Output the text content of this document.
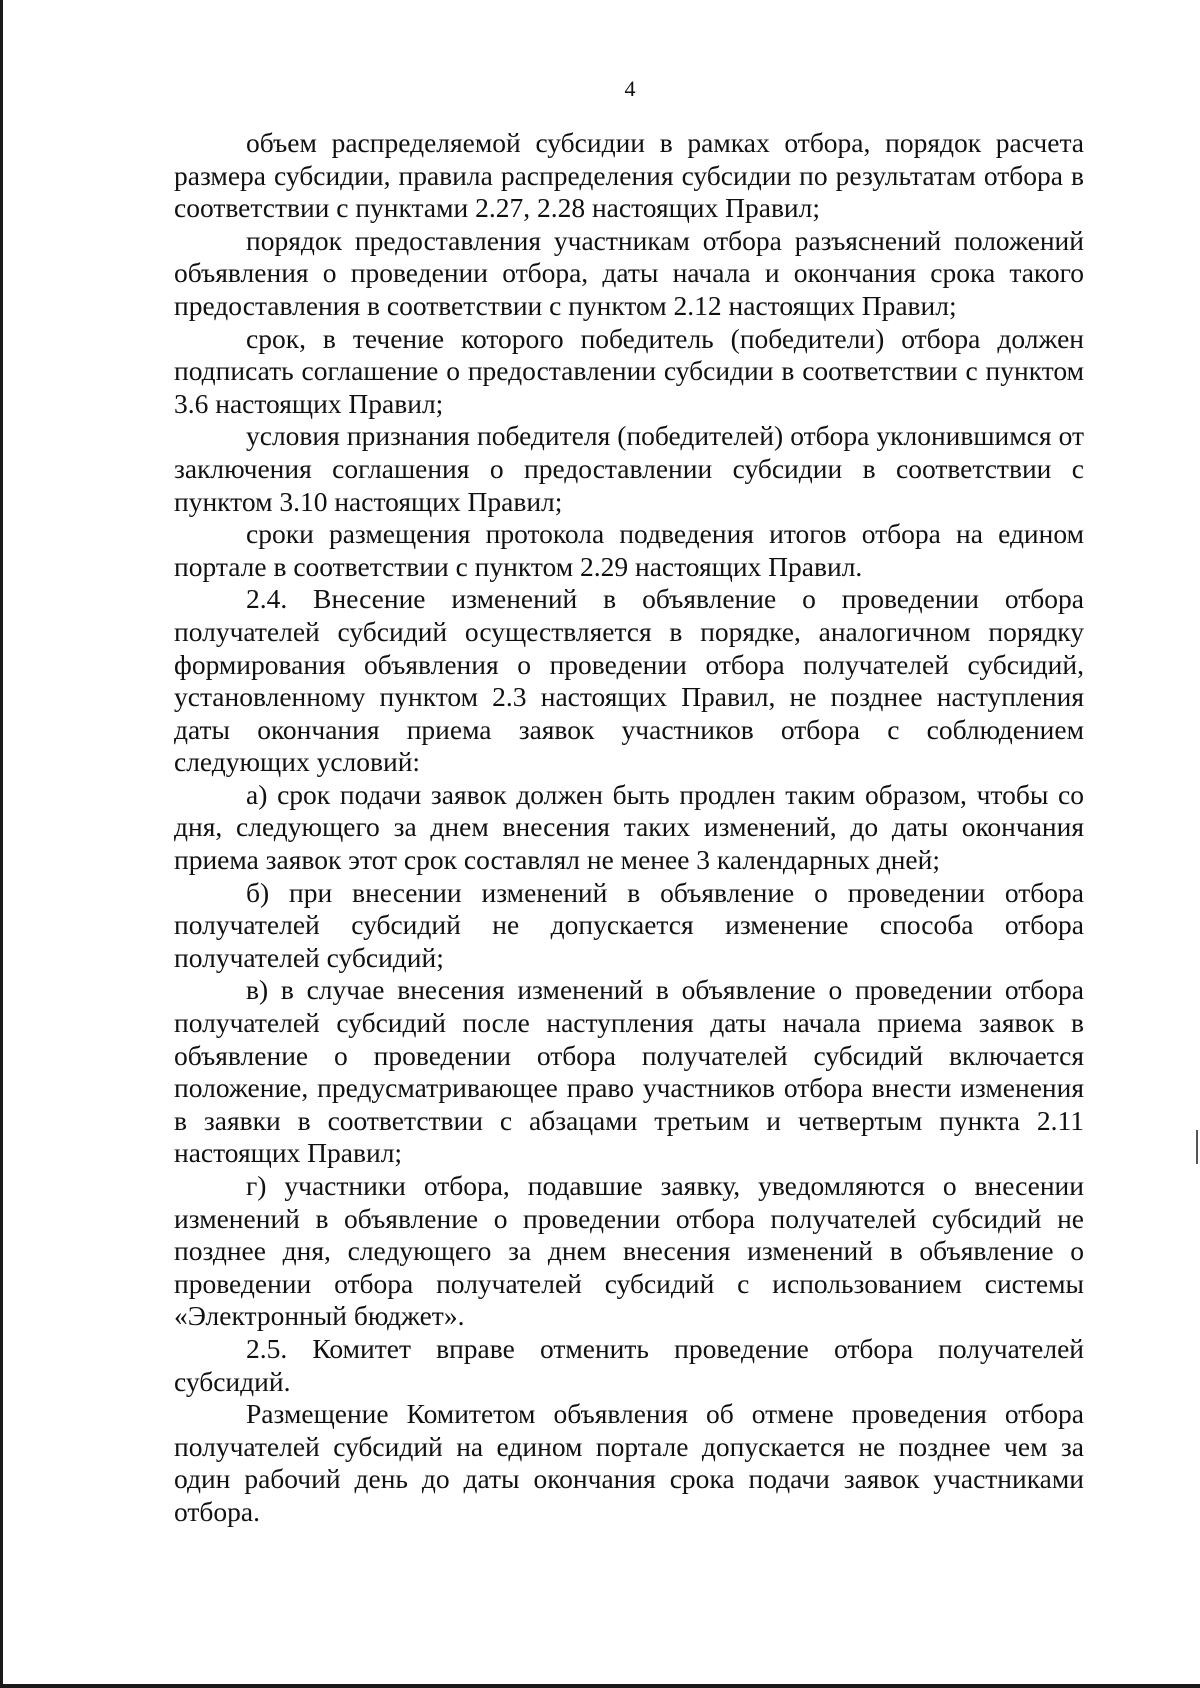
4

объем распределяемой субсидии в рамках отбора, порядок расчета размера субсидии, правила распределения субсидии по результатам отбора в соответствии с пунктами 2.27, 2.28 настоящих Правил;

порядок предоставления участникам отбора разъяснений положений объявления о проведении отбора, даты начала и окончания срока такого предоставления в соответствии с пунктом 2.12 настоящих Правил;

срок, в течение которого победитель (победители) отбора должен подписать соглашение о предоставлении субсидии в соответствии с пунктом 3.6 настоящих Правил;

условия признания победителя (победителей) отбора уклонившимся от заключения соглашения о предоставлении субсидии в соответствии с пунктом 3.10 настоящих Правил;

сроки размещения протокола подведения итогов отбора на едином портале в соответствии с пунктом 2.29 настоящих Правил.

2.4. Внесение изменений в объявление о проведении отбора получателей субсидий осуществляется в порядке, аналогичном порядку формирования объявления о проведении отбора получателей субсидий, установленному пунктом 2.3 настоящих Правил, не позднее наступления даты окончания приема заявок участников отбора с соблюдением следующих условий:

а) срок подачи заявок должен быть продлен таким образом, чтобы со дня, следующего за днем внесения таких изменений, до даты окончания приема заявок этот срок составлял не менее 3 календарных дней;

б) при внесении изменений в объявление о проведении отбора получателей субсидий не допускается изменение способа отбора получателей субсидий;

в) в случае внесения изменений в объявление о проведении отбора получателей субсидий после наступления даты начала приема заявок в объявление о проведении отбора получателей субсидий включается положение, предусматривающее право участников отбора внести изменения в заявки в соответствии с абзацами третьим и четвертым пункта 2.11 настоящих Правил;

г) участники отбора, подавшие заявку, уведомляются о внесении изменений в объявление о проведении отбора получателей субсидий не позднее дня, следующего за днем внесения изменений в объявление о проведении отбора получателей субсидий с использованием системы «Электронный бюджет».

2.5. Комитет вправе отменить проведение отбора получателей субсидий.

Размещение Комитетом объявления об отмене проведения отбора получателей субсидий на едином портале допускается не позднее чем за один рабочий день до даты окончания срока подачи заявок участниками отбора.
